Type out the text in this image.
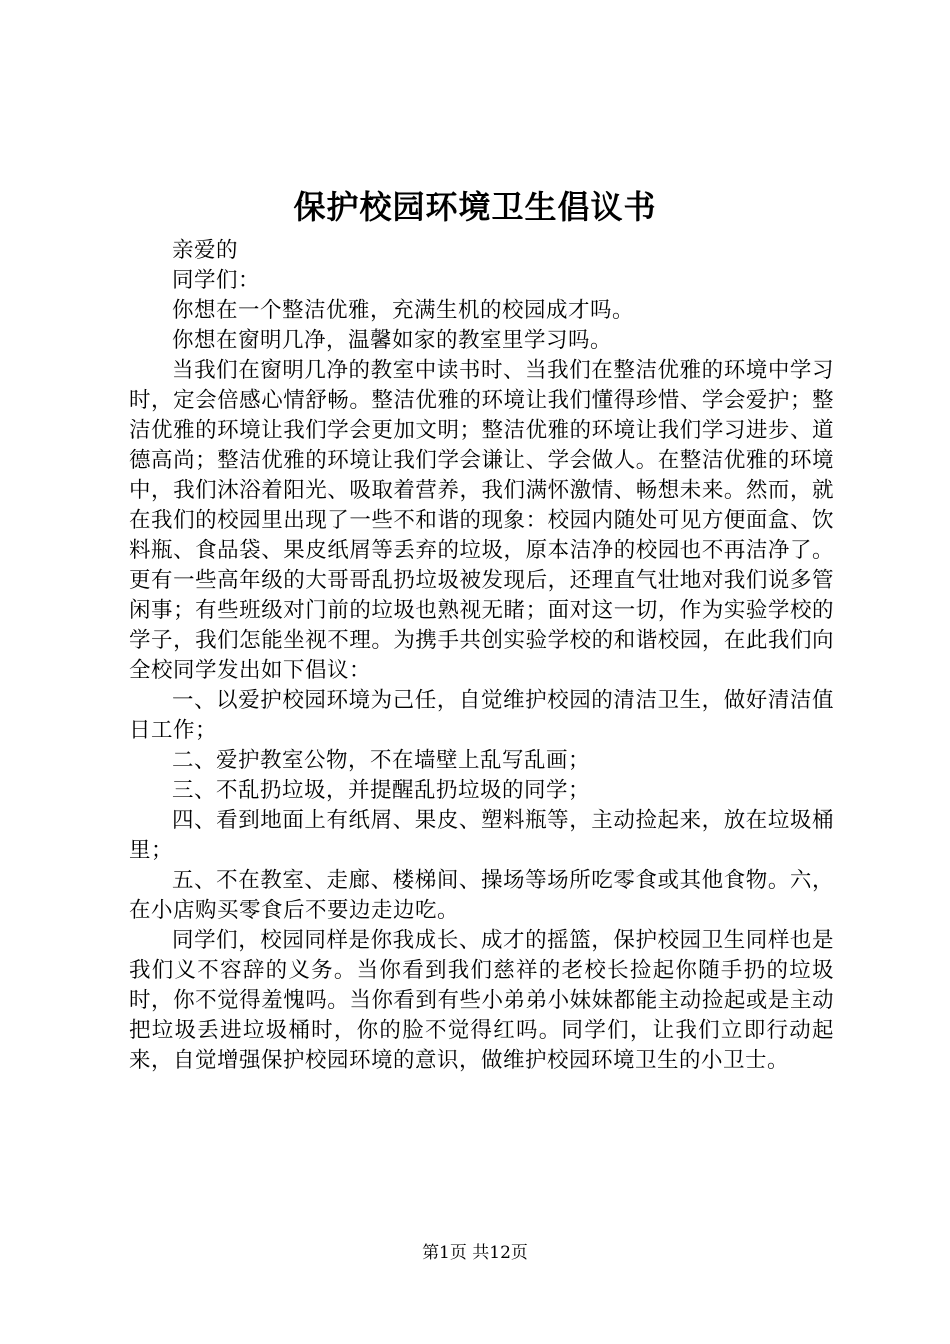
保护校园环境卫生倡议书

亲爱的

同学们：

你想在一个整洁优雅，充满生机的校园成才吗。

你想在窗明几净，温馨如家的教室里学习吗。

当我们在窗明几净的教室中读书时、当我们在整洁优雅的环境中学习时，定会倍感心情舒畅。整洁优雅的环境让我们懂得珍惜、学会爱护；整洁优雅的环境让我们学会更加文明；整洁优雅的环境让我们学习进步、道德高尚；整洁优雅的环境让我们学会谦让、学会做人。在整洁优雅的环境中，我们沐浴着阳光、吸取着营养，我们满怀激情、畅想未来。然而，就在我们的校园里出现了一些不和谐的现象：校园内随处可见方便面盒、饮料瓶、食品袋、果皮纸屑等丢弃的垃圾，原本洁净的校园也不再洁净了。更有一些高年级的大哥哥乱扔垃圾被发现后，还理直气壮地对我们说多管闲事；有些班级对门前的垃圾也熟视无睹；面对这一切，作为实验学校的学子，我们怎能坐视不理。为携手共创实验学校的和谐校园，在此我们向全校同学发出如下倡议：

一、以爱护校园环境为己任，自觉维护校园的清洁卫生，做好清洁值日工作；

二、爱护教室公物，不在墙壁上乱写乱画；

三、不乱扔垃圾，并提醒乱扔垃圾的同学；

四、看到地面上有纸屑、果皮、塑料瓶等，主动捡起来，放在垃圾桶里；

五、不在教室、走廊、楼梯间、操场等场所吃零食或其他食物。六，在小店购买零食后不要边走边吃。

同学们，校园同样是你我成长、成才的摇篮，保护校园卫生同样也是我们义不容辞的义务。当你看到我们慈祥的老校长捡起你随手扔的垃圾时，你不觉得羞愧吗。当你看到有些小弟弟小妹妹都能主动捡起或是主动把垃圾丢进垃圾桶时，你的脸不觉得红吗。同学们，让我们立即行动起来，自觉增强保护校园环境的意识，做维护校园环境卫生的小卫士。

第1页 共12页
